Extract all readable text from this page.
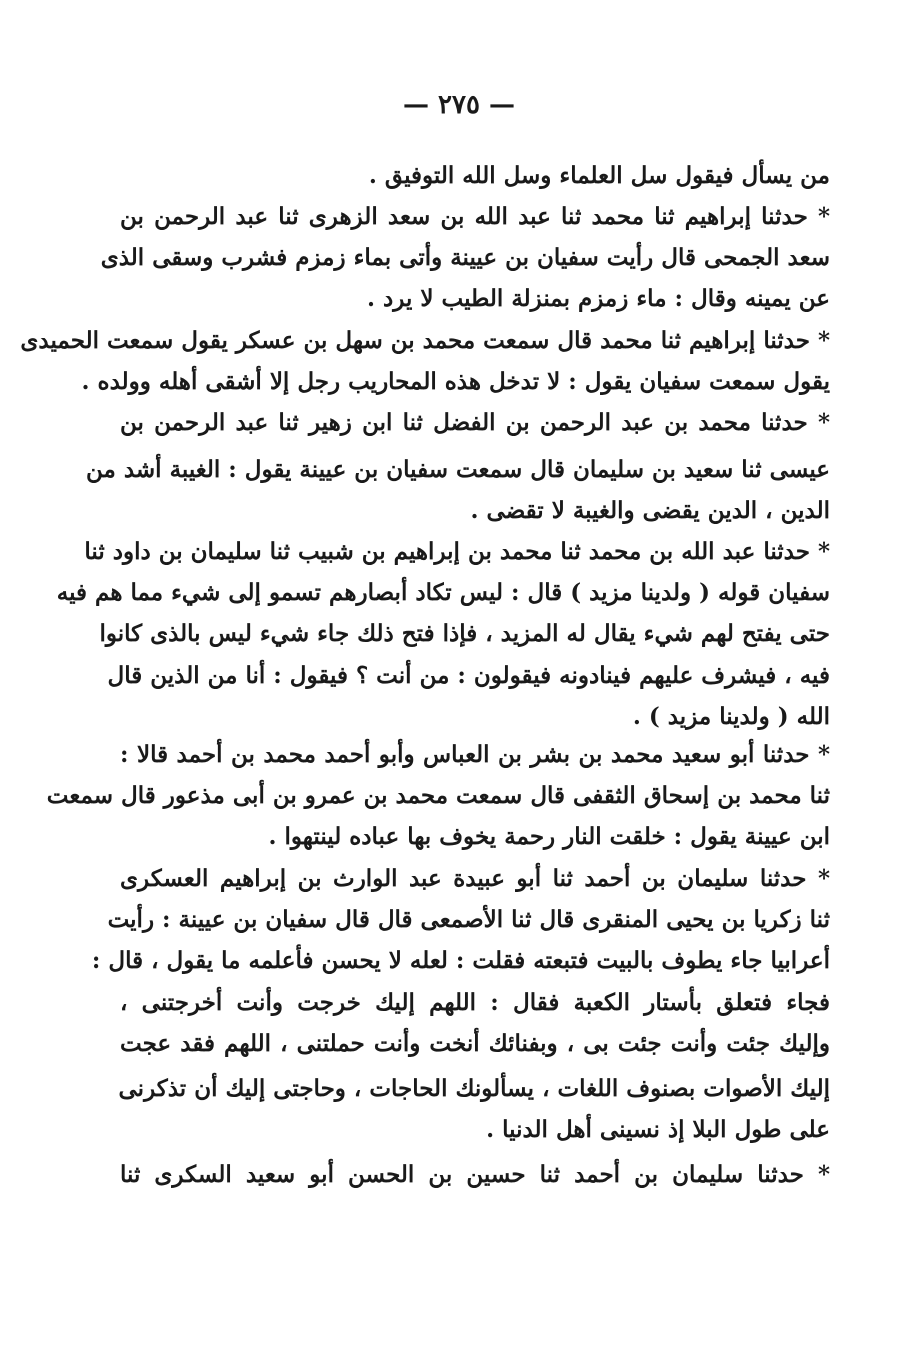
— ٢٧٥ —
من يسأل فيقول سل العلماء وسل الله التوفيق .
* حدثنا إبراهيم ثنا محمد ثنا عبد الله بن سعد الزهرى ثنا عبد الرحمن بن
سعد الجمحى قال رأيت سفيان بن عيينة وأتى بماء زمزم فشرب وسقى الذى
عن يمينه وقال : ماء زمزم بمنزلة الطيب لا يرد .
* حدثنا إبراهيم ثنا محمد قال سمعت محمد بن سهل بن عسكر يقول سمعت الحميدى
يقول سمعت سفيان يقول : لا تدخل هذه المحاريب رجل إلا أشقى أهله وولده .
* حدثنا محمد بن عبد الرحمن بن الفضل ثنا ابن زهير ثنا عبد الرحمن بن
عيسى ثنا سعيد بن سليمان قال سمعت سفيان بن عيينة يقول : الغيبة أشد من
الدين ، الدين يقضى والغيبة لا تقضى .
* حدثنا عبد الله بن محمد ثنا محمد بن إبراهيم بن شبيب ثنا سليمان بن داود ثنا
سفيان قوله ( ولدينا مزيد ) قال : ليس تكاد أبصارهم تسمو إلى شيء مما هم فيه
حتى يفتح لهم شيء يقال له المزيد ، فإذا فتح ذلك جاء شيء ليس بالذى كانوا
فيه ، فيشرف عليهم فينادونه فيقولون : من أنت ؟ فيقول : أنا من الذين قال
الله ( ولدينا مزيد ) .
* حدثنا أبو سعيد محمد بن بشر بن العباس وأبو أحمد محمد بن أحمد قالا :
ثنا محمد بن إسحاق الثقفى قال سمعت محمد بن عمرو بن أبى مذعور قال سمعت
ابن عيينة يقول : خلقت النار رحمة يخوف بها عباده لينتهوا .
* حدثنا سليمان بن أحمد ثنا أبو عبيدة عبد الوارث بن إبراهيم العسكرى
ثنا زكريا بن يحيى المنقرى قال ثنا الأصمعى قال قال سفيان بن عيينة : رأيت
أعرابيا جاء يطوف بالبيت فتبعته فقلت : لعله لا يحسن فأعلمه ما يقول ، قال :
فجاء فتعلق بأستار الكعبة فقال : اللهم إليك خرجت وأنت أخرجتنى ،
وإليك جئت وأنت جئت بى ، وبفنائك أنخت وأنت حملتنى ، اللهم فقد عجت
إليك الأصوات بصنوف اللغات ، يسألونك الحاجات ، وحاجتى إليك أن تذكرنى
على طول البلا إذ نسينى أهل الدنيا .
* حدثنا سليمان بن أحمد ثنا حسين بن الحسن أبو سعيد السكرى ثنا
